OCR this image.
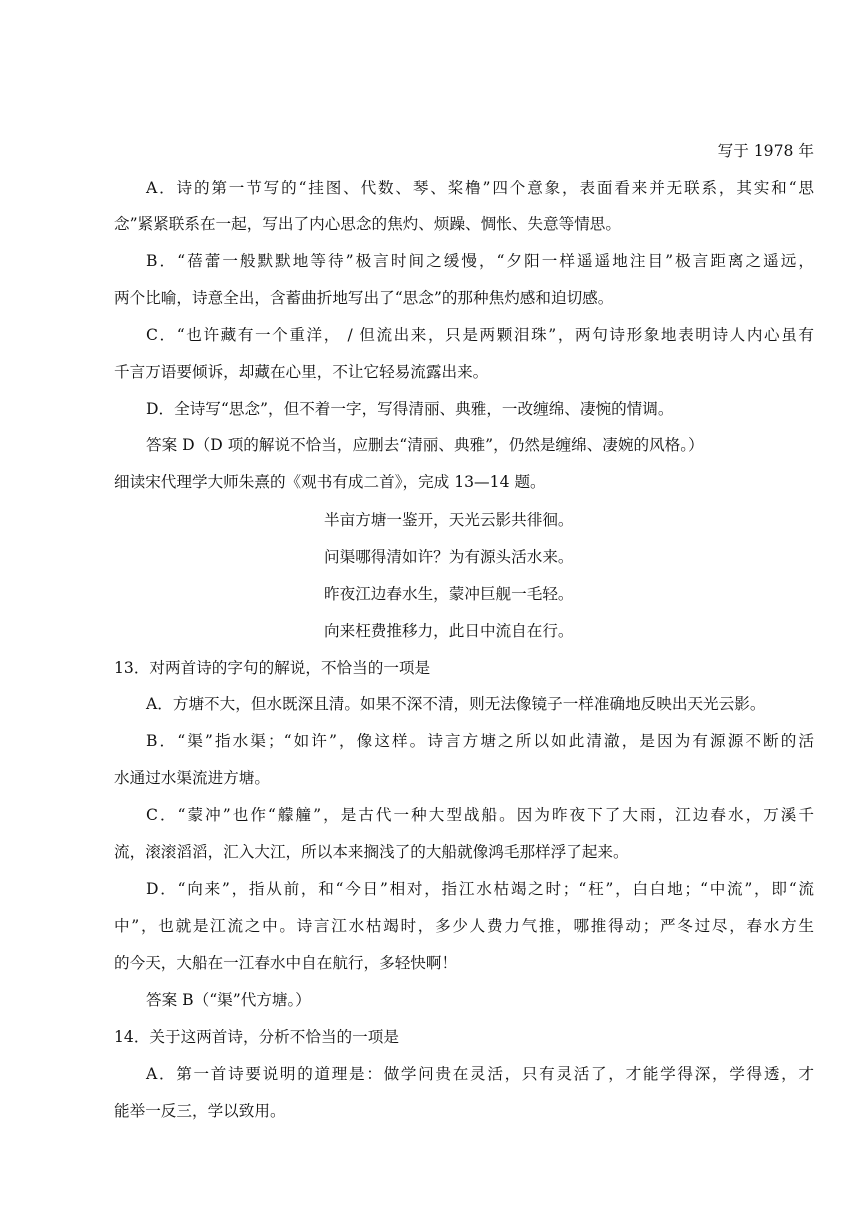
写于 1978 年
A．诗的第一节写的“挂图、代数、琴、桨橹”四个意象，表面看来并无联系，其实和“思
念”紧紧联系在一起，写出了内心思念的焦灼、烦躁、惆怅、失意等情思。
B．“蓓蕾一般默默地等待”极言时间之缓慢，“夕阳一样遥遥地注目”极言距离之遥远，
两个比喻，诗意全出，含蓄曲折地写出了“思念”的那种焦灼感和迫切感。
C．“也许藏有一个重洋， / 但流出来，只是两颗泪珠”，两句诗形象地表明诗人内心虽有
千言万语要倾诉，却藏在心里，不让它轻易流露出来。
D．全诗写“思念”，但不着一字，写得清丽、典雅，一改缠绵、凄惋的情调。
答案 D（D 项的解说不恰当，应删去“清丽、典雅”，仍然是缠绵、凄婉的风格。）
细读宋代理学大师朱熹的《观书有成二首》，完成 13—14 题。
半亩方塘一鉴开，天光云影共徘徊。
问渠哪得清如许？为有源头活水来。
昨夜江边春水生，蒙冲巨舰一毛轻。
向来枉费推移力，此日中流自在行。
13．对两首诗的字句的解说，不恰当的一项是
A．方塘不大，但水既深且清。如果不深不清，则无法像镜子一样准确地反映出天光云影。
B．“渠”指水渠；“如许”，像这样。诗言方塘之所以如此清澈，是因为有源源不断的活
水通过水渠流进方塘。
C．“蒙冲”也作“艨艟”，是古代一种大型战船。因为昨夜下了大雨，江边春水，万溪千
流，滚滚滔滔，汇入大江，所以本来搁浅了的大船就像鸿毛那样浮了起来。
D．“向来”，指从前，和“今日”相对，指江水枯竭之时；“枉”，白白地；“中流”，即“流
中”，也就是江流之中。诗言江水枯竭时，多少人费力气推，哪推得动；严冬过尽，春水方生
的今天，大船在一江春水中自在航行，多轻快啊！
答案 B（“渠”代方塘。）
14．关于这两首诗，分析不恰当的一项是
A．第一首诗要说明的道理是：做学问贵在灵活，只有灵活了，才能学得深，学得透，才
能举一反三，学以致用。
